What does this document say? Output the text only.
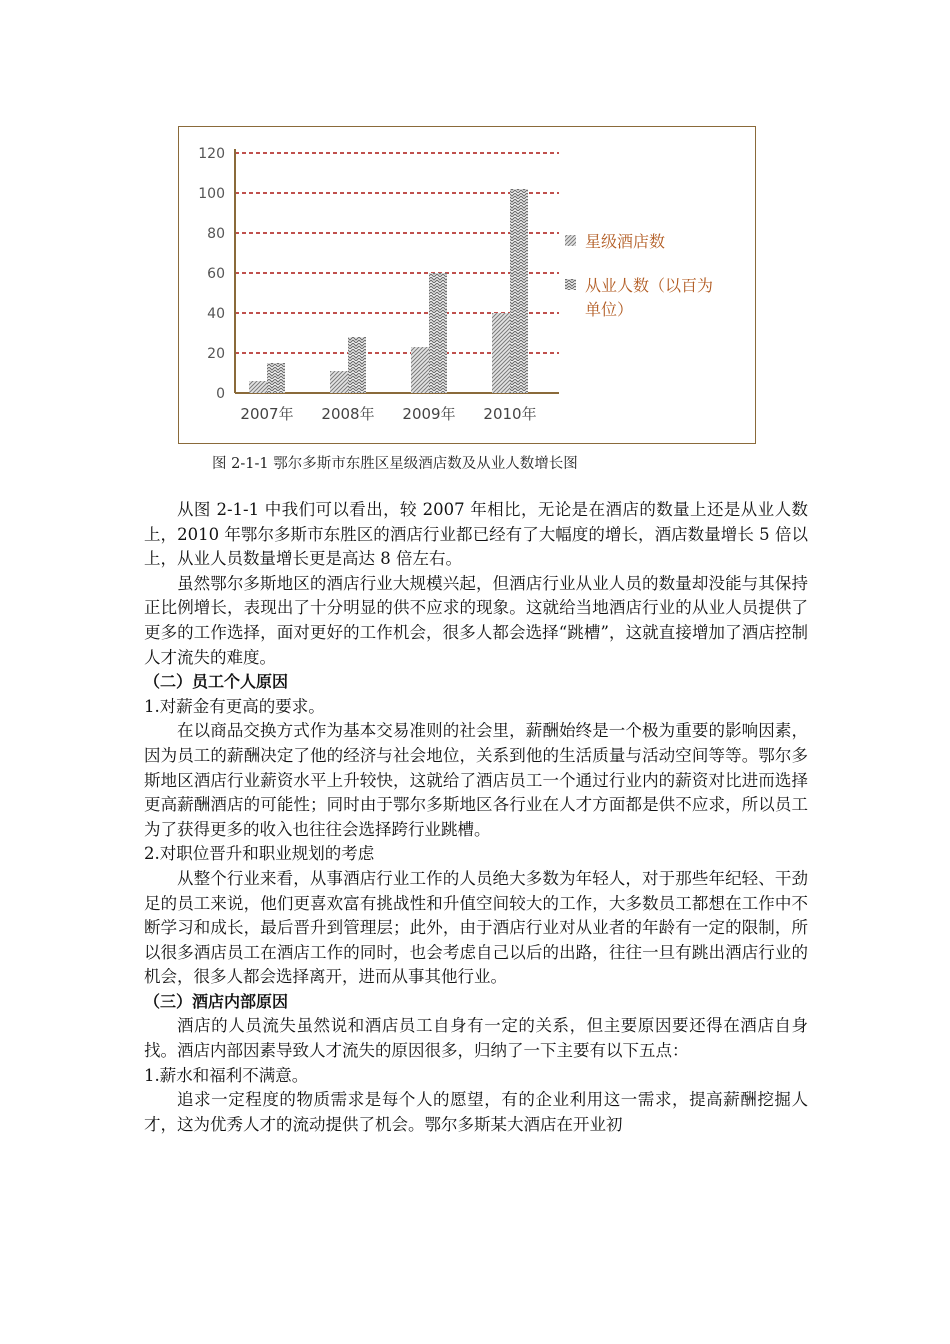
0
20
40
60
80
100
120
2007年 2008年 2009年 2010年
星级酒店数
从业人数（以百为
单位）
图 2-1-1 鄂尔多斯市东胜区星级酒店数及从业人数增长图

从图 2-1-1 中我们可以看出，较 2007 年相比，无论是在酒店的数量上还是从业人数上，2010 年鄂尔多斯市东胜区的酒店行业都已经有了大幅度的增长，酒店数量增长 5 倍以上，从业人员数量增长更是高达 8 倍左右。

虽然鄂尔多斯地区的酒店行业大规模兴起，但酒店行业从业人员的数量却没能与其保持正比例增长，表现出了十分明显的供不应求的现象。这就给当地酒店行业的从业人员提供了更多的工作选择，面对更好的工作机会，很多人都会选择“跳槽”，这就直接增加了酒店控制人才流失的难度。

（二）员工个人原因

1.对薪金有更高的要求。

在以商品交换方式作为基本交易准则的社会里，薪酬始终是一个极为重要的影响因素，因为员工的薪酬决定了他的经济与社会地位，关系到他的生活质量与活动空间等等。鄂尔多斯地区酒店行业薪资水平上升较快，这就给了酒店员工一个通过行业内的薪资对比进而选择更高薪酬酒店的可能性；同时由于鄂尔多斯地区各行业在人才方面都是供不应求，所以员工为了获得更多的收入也往往会选择跨行业跳槽。

2.对职位晋升和职业规划的考虑

从整个行业来看，从事酒店行业工作的人员绝大多数为年轻人，对于那些年纪轻、干劲足的员工来说，他们更喜欢富有挑战性和升值空间较大的工作，大多数员工都想在工作中不断学习和成长，最后晋升到管理层；此外，由于酒店行业对从业者的年龄有一定的限制，所以很多酒店员工在酒店工作的同时，也会考虑自己以后的出路，往往一旦有跳出酒店行业的机会，很多人都会选择离开，进而从事其他行业。

（三）酒店内部原因

酒店的人员流失虽然说和酒店员工自身有一定的关系，但主要原因要还得在酒店自身找。酒店内部因素导致人才流失的原因很多，归纳了一下主要有以下五点：

1.薪水和福利不满意。

追求一定程度的物质需求是每个人的愿望，有的企业利用这一需求，提高薪酬挖掘人才，这为优秀人才的流动提供了机会。鄂尔多斯某大酒店在开业初
